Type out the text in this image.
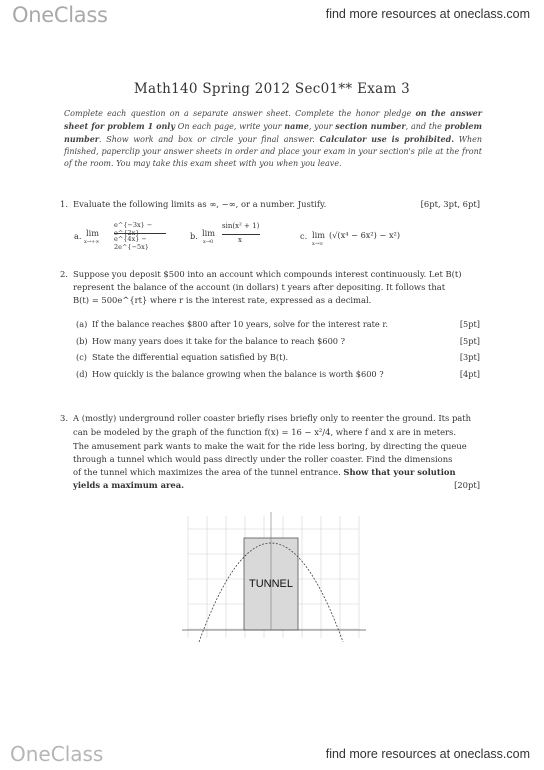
OneClass	find more resources at oneclass.com
Math140 Spring 2012 Sec01** Exam 3
Complete each question on a separate answer sheet. Complete the honor pledge on the answer sheet for problem 1 only On each page, write your name, your section number, and the problem number. Show work and box or circle your final answer. Calculator use is prohibited. When finished, paperclip your answer sheets in order and place your exam in your section's pile at the front of the room. You may take this exam sheet with you when you leave.
1. Evaluate the following limits as ∞, −∞, or a number. Justify.	[6pt, 3pt, 6pt]
a. lim
x→+∞
e^{−3x} − e^{2x}
e^{4x} − 2e^{−5x}
b. lim
x→0
sin(x² + 1)
x	c. lim
x→∞
(√(x⁴ − 6x²) − x²)
2. Suppose you deposit $500 into an account which compounds interest continuously. Let B(t)
represent the balance of the account (in dollars) t years after depositing. It follows that
B(t) = 500e^{rt} where r is the interest rate, expressed as a decimal.
(a) If the balance reaches $800 after 10 years, solve for the interest rate r.	[5pt]
(b) How many years does it take for the balance to reach $600 ?	[5pt]
(c) State the differential equation satisfied by B(t).	[3pt]
(d) How quickly is the balance growing when the balance is worth $600 ?	[4pt]
3. A (mostly) underground roller coaster briefly rises briefly only to reenter the ground. Its path
can be modeled by the graph of the function f(x) = 16 − x²/4, where f and x are in meters.
The amusement park wants to make the wait for the ride less boring, by directing the queue
through a tunnel which would pass directly under the roller coaster. Find the dimensions
of the tunnel which maximizes the area of the tunnel entrance. Show that your solution
yields a maximum area.	[20pt]
TUNNEL
OneClass	find more resources at oneclass.com
